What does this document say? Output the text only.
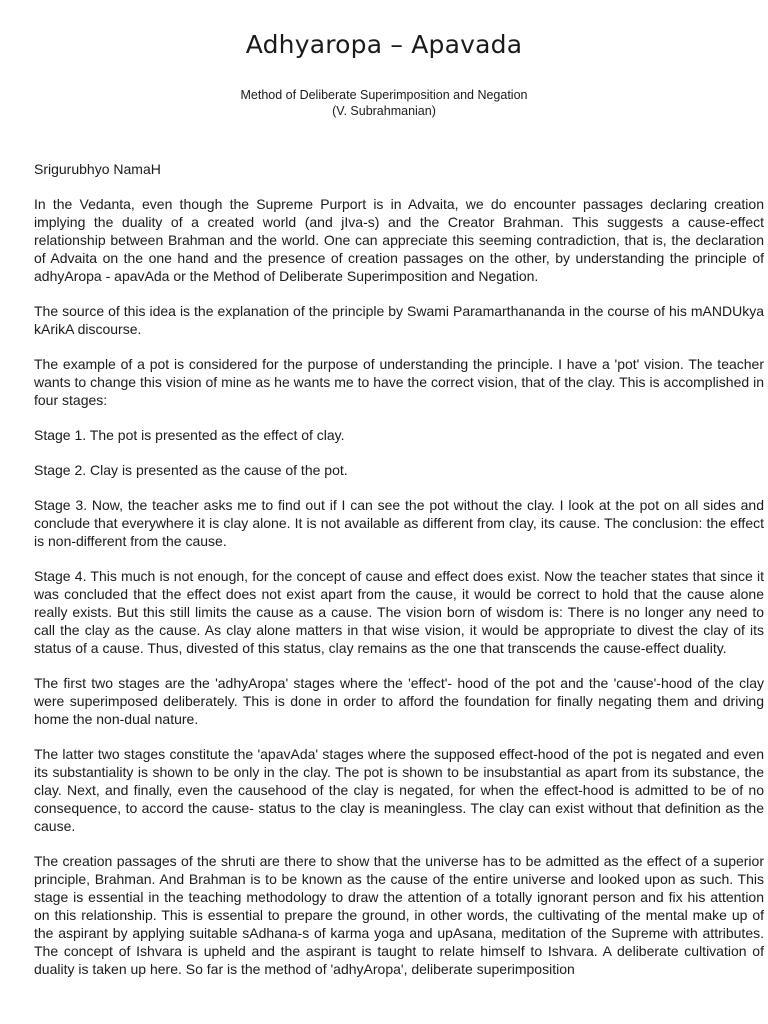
Adhyaropa – Apavada
Method of Deliberate Superimposition and Negation
(V. Subrahmanian)

Srigurubhyo NamaH

In the Vedanta, even though the Supreme Purport is in Advaita, we do encounter passages declaring creation implying the duality of a created world (and jIva-s) and the Creator Brahman. This suggests a cause-effect relationship between Brahman and the world. One can appreciate this seeming contradiction, that is, the declaration of Advaita on the one hand and the presence of creation passages on the other, by understanding the principle of adhyAropa - apavAda or the Method of Deliberate Superimposition and Negation.

The source of this idea is the explanation of the principle by Swami Paramarthananda in the course of his mANDUkya kArikA discourse.

The example of a pot is considered for the purpose of understanding the principle. I have a 'pot' vision. The teacher wants to change this vision of mine as he wants me to have the correct vision, that of the clay. This is accomplished in four stages:

Stage 1. The pot is presented as the effect of clay.

Stage 2. Clay is presented as the cause of the pot.

Stage 3. Now, the teacher asks me to find out if I can see the pot without the clay. I look at the pot on all sides and conclude that everywhere it is clay alone. It is not available as different from clay, its cause. The conclusion: the effect is non-different from the cause.

Stage 4. This much is not enough, for the concept of cause and effect does exist. Now the teacher states that since it was concluded that the effect does not exist apart from the cause, it would be correct to hold that the cause alone really exists. But this still limits the cause as a cause. The vision born of wisdom is: There is no longer any need to call the clay as the cause. As clay alone matters in that wise vision, it would be appropriate to divest the clay of its status of a cause. Thus, divested of this status, clay remains as the one that transcends the cause-effect duality.

The first two stages are the 'adhyAropa' stages where the 'effect'- hood of the pot and the 'cause'-hood of the clay were superimposed deliberately. This is done in order to afford the foundation for finally negating them and driving home the non-dual nature.

The latter two stages constitute the 'apavAda' stages where the supposed effect-hood of the pot is negated and even its substantiality is shown to be only in the clay. The pot is shown to be insubstantial as apart from its substance, the clay. Next, and finally, even the causehood of the clay is negated, for when the effect-hood is admitted to be of no consequence, to accord the cause- status to the clay is meaningless. The clay can exist without that definition as the cause.

The creation passages of the shruti are there to show that the universe has to be admitted as the effect of a superior principle, Brahman. And Brahman is to be known as the cause of the entire universe and looked upon as such. This stage is essential in the teaching methodology to draw the attention of a totally ignorant person and fix his attention on this relationship. This is essential to prepare the ground, in other words, the cultivating of the mental make up of the aspirant by applying suitable sAdhana-s of karma yoga and upAsana, meditation of the Supreme with attributes. The concept of Ishvara is upheld and the aspirant is taught to relate himself to Ishvara. A deliberate cultivation of duality is taken up here. So far is the method of 'adhyAropa', deliberate superimposition
